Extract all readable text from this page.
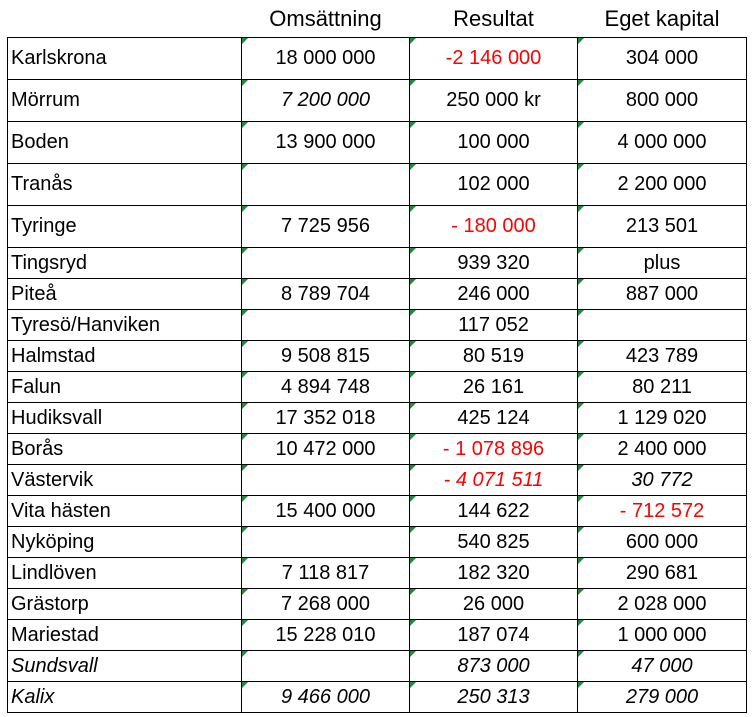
	Omsättning	Resultat	Eget kapital
Karlskrona	18 000 000	-2 146 000	304 000
Mörrum	7 200 000	250 000 kr	800 000
Boden	13 900 000	100 000	4 000 000
Tranås		102 000	2 200 000
Tyringe	7 725 956	- 180 000	213 501
Tingsryd		939 320	plus
Piteå	8 789 704	246 000	887 000
Tyresö/Hanviken		117 052	
Halmstad	9 508 815	80 519	423 789
Falun	4 894 748	26 161	80 211
Hudiksvall	17 352 018	425 124	1 129 020
Borås	10 472 000	- 1 078 896	2 400 000
Västervik		- 4 071 511	30 772
Vita hästen	15 400 000	144 622	- 712 572
Nyköping		540 825	600 000
Lindlöven	7 118 817	182 320	290 681
Grästorp	7 268 000	26 000	2 028 000
Mariestad	15 228 010	187 074	1 000 000
Sundsvall		873 000	47 000
Kalix	9 466 000	250 313	279 000
